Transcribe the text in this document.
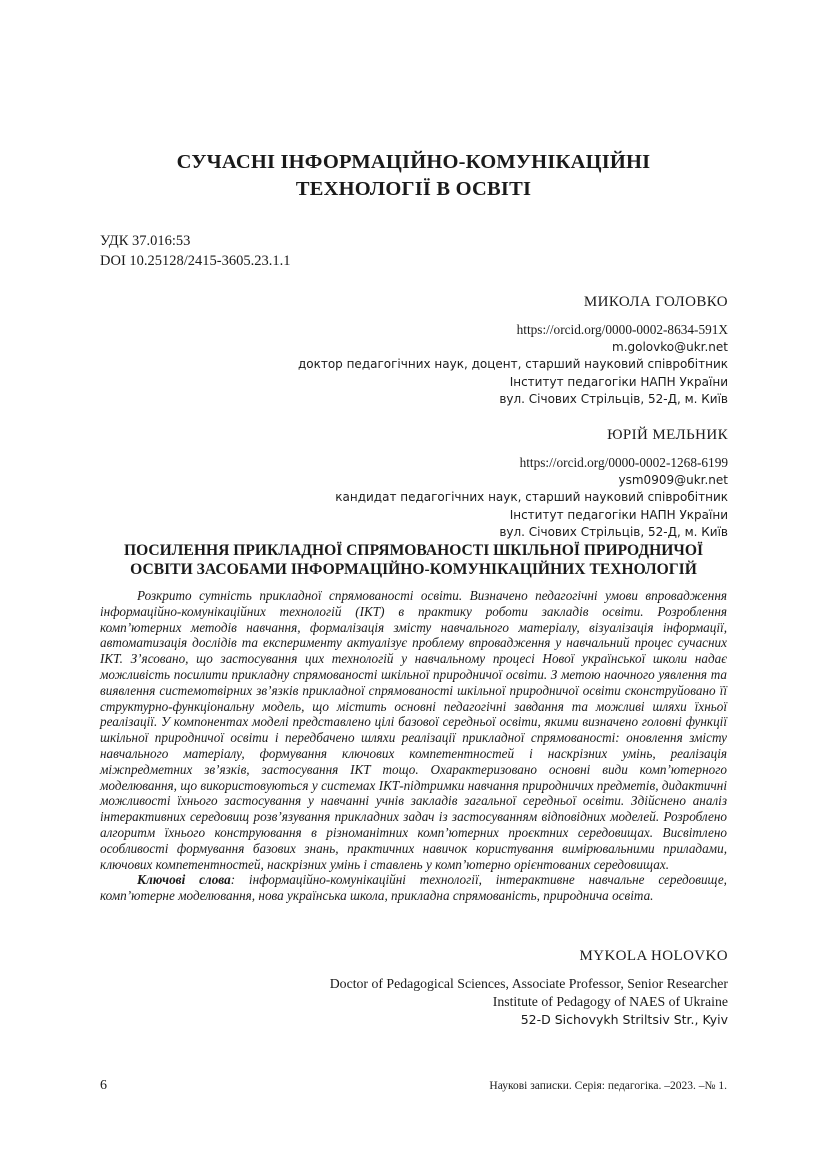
СУЧАСНІ ІНФОРМАЦІЙНО-КОМУНІКАЦІЙНІ
ТЕХНОЛОГІЇ В ОСВІТІ
УДК 37.016:53
DOI 10.25128/2415-3605.23.1.1
МИКОЛА ГОЛОВКО
https://orcid.org/0000-0002-8634-591X
m.golovko@ukr.net
доктор педагогічних наук, доцент, старший науковий співробітник
Інститут педагогіки НАПН України
вул. Січових Стрільців, 52-Д, м. Київ
ЮРІЙ МЕЛЬНИК
https://orcid.org/0000-0002-1268-6199
ysm0909@ukr.net
кандидат педагогічних наук, старший науковий співробітник
Інститут педагогіки НАПН України
вул. Січових Стрільців, 52-Д, м. Київ
ПОСИЛЕННЯ ПРИКЛАДНОЇ СПРЯМОВАНОСТІ ШКІЛЬНОЇ ПРИРОДНИЧОЇ
ОСВІТИ ЗАСОБАМИ ІНФОРМАЦІЙНО-КОМУНІКАЦІЙНИХ ТЕХНОЛОГІЙ

Розкрито сутність прикладної спрямованості освіти. Визначено педагогічні умови впровадження інформаційно-комунікаційних технологій (ІКТ) в практику роботи закладів освіти. Розроблення комп’ютерних методів навчання, формалізація змісту навчального матеріалу, візуалізація інформації, автоматизація дослідів та експерименту актуалізує проблему впровадження у навчальний процес сучасних ІКТ. З’ясовано, що застосування цих технологій у навчальному процесі Нової української школи надає можливість посилити прикладну спрямованості шкільної природничої освіти. З метою наочного уявлення та виявлення системотвірних зв’язків прикладної спрямованості шкільної природничої освіти сконструйовано її структурно-функціональну модель, що містить основні педагогічні завдання та можливі шляхи їхньої реалізації. У компонентах моделі представлено цілі базової середньої освіти, якими визначено головні функції шкільної природничої освіти і передбачено шляхи реалізації прикладної спрямованості: оновлення змісту навчального матеріалу, формування ключових компетентностей і наскрізних умінь, реалізація міжпредметних зв’язків, застосування ІКТ тощо. Охарактеризовано основні види комп’ютерного моделювання, що використовуються у системах ІКТ-підтримки навчання природничих предметів, дидактичні можливості їхнього застосування у навчанні учнів закладів загальної середньої освіти. Здійснено аналіз інтерактивних середовищ розв’язування прикладних задач із застосуванням відповідних моделей. Розроблено алгоритм їхнього конструювання в різноманітних комп’ютерних проєктних середовищах. Висвітлено особливості формування базових знань, практичних навичок користування вимірювальними приладами, ключових компетентностей, наскрізних умінь і ставлень у комп’ютерно орієнтованих середовищах.

Ключові слова: інформаційно-комунікаційні технології, інтерактивне навчальне середовище, комп’ютерне моделювання, нова українська школа, прикладна спрямованість, природнича освіта.

MYKOLA HOLOVKO
Doctor of Pedagogical Sciences, Associate Professor, Senior Researcher
Institute of Pedagogy of NAES of Ukraine
52-D Sichovykh Striltsiv Str., Kyiv
6	Наукові записки. Серія: педагогіка. –2023. –№ 1.
